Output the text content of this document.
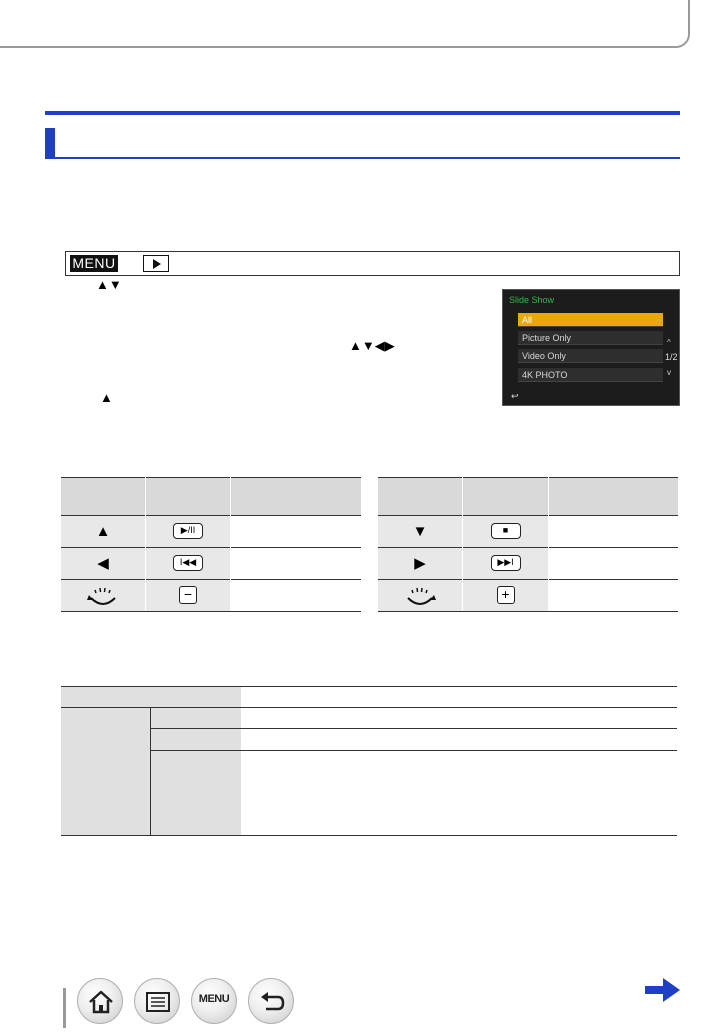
MENU
▲▼
▲▼◀▶
▲
Slide Show
All
Picture Only
Video Only
4K PHOTO
^
1/2
v
↩

▲	▶/II	
◀	I◀◀	
	−	

▼	■	
▶	▶▶I	
	+	
MENU
